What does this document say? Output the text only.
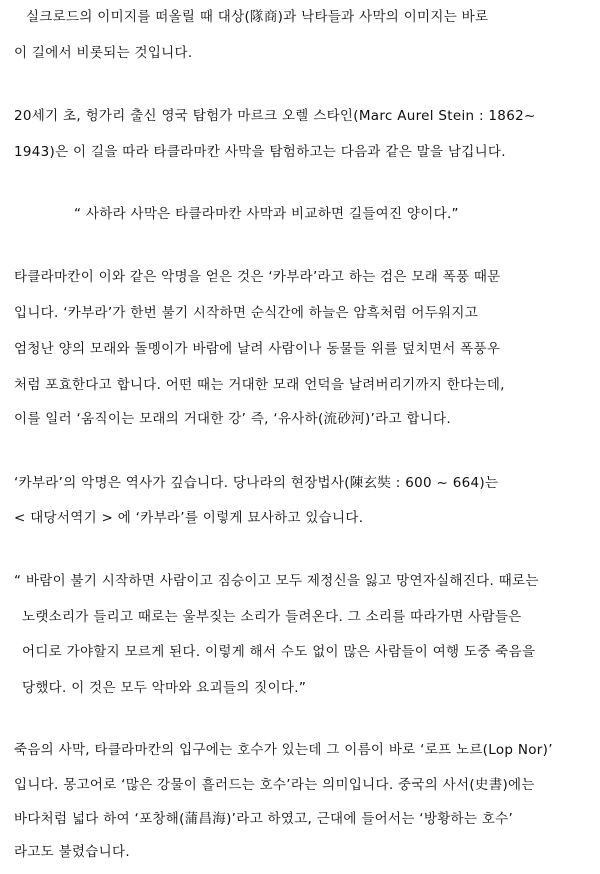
실크로드의 이미지를 떠올릴 때 대상(隊商)과 낙타들과 사막의 이미지는 바로
이 길에서 비롯되는 것입니다.
20세기 초, 헝가리 출신 영국 탐험가 마르크 오렐 스타인(Marc Aurel Stein : 1862~
1943)은 이 길을 따라 타클라마칸 사막을 탐험하고는 다음과 같은 말을 남깁니다.
“ 사하라 사막은 타클라마칸 사막과 비교하면 길들여진 양이다.”
타클라마칸이 이와 같은 악명을 얻은 것은 ‘카부라’라고 하는 검은 모래 폭풍 때문
입니다. ‘카부라’가 한번 불기 시작하면 순식간에 하늘은 암흑처럼 어두워지고
엄청난 양의 모래와 돌멩이가 바람에 날려 사람이나 동물들 위를 덮치면서 폭풍우
처럼 포효한다고 합니다. 어떤 때는 거대한 모래 언덕을 날려버리기까지 한다는데,
이를 일러 ‘움직이는 모래의 거대한 강’ 즉, ‘유사하(流砂河)’라고 합니다.
‘카부라’의 악명은 역사가 깊습니다. 당나라의 현장법사(陳玄奘 : 600 ~ 664)는
< 대당서역기 > 에 ‘카부라’를 이렇게 묘사하고 있습니다.
“ 바람이 불기 시작하면 사람이고 짐승이고 모두 제정신을 잃고 망연자실해진다. 때로는
노랫소리가 들리고 때로는 울부짖는 소리가 들려온다. 그 소리를 따라가면 사람들은
어디로 가야할지 모르게 된다. 이렇게 해서 수도 없이 많은 사람들이 여행 도중 죽음을
당했다. 이 것은 모두 악마와 요괴들의 짓이다.”
죽음의 사막, 타클라마칸의 입구에는 호수가 있는데 그 이름이 바로 ‘로프 노르(Lop Nor)’
입니다. 몽고어로 ‘많은 강물이 흘러드는 호수’라는 의미입니다. 중국의 사서(史書)에는
바다처럼 넓다 하여 ‘포창해(蒲昌海)’라고 하였고, 근대에 들어서는 ‘방황하는 호수’
라고도 불렸습니다.
